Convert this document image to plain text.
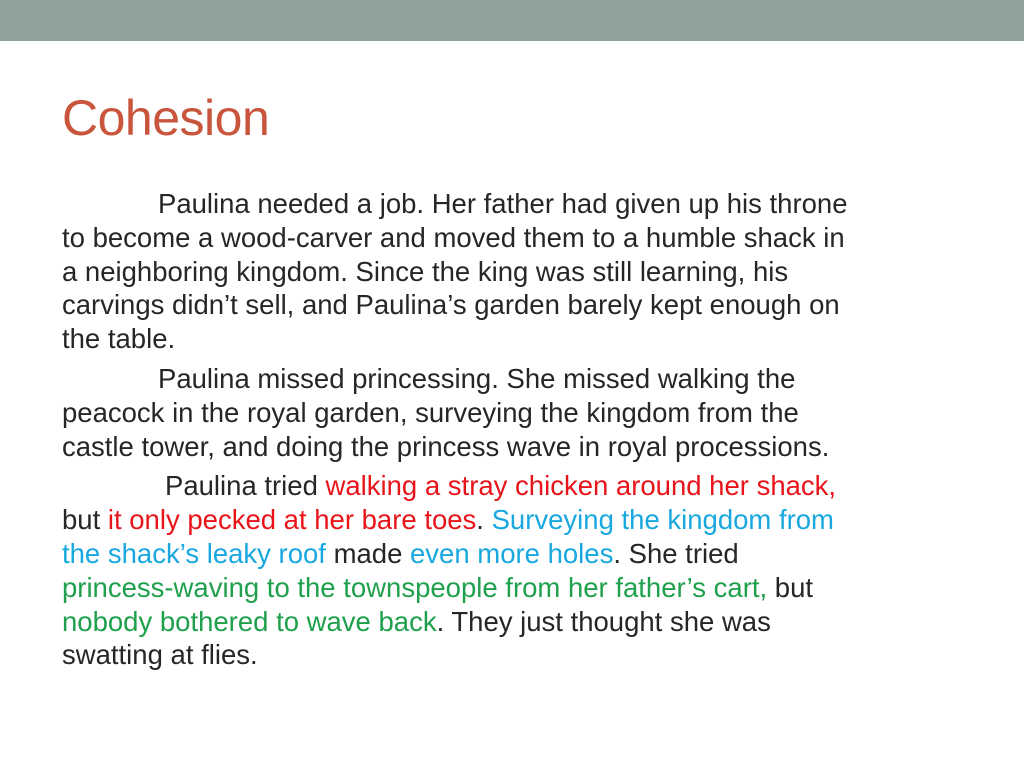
Cohesion
Paulina needed a job. Her father had given up his throne
to become a wood-carver and moved them to a humble shack in
a neighboring kingdom. Since the king was still learning, his
carvings didn’t sell, and Paulina’s garden barely kept enough on
the table.
Paulina missed princessing. She missed walking the
peacock in the royal garden, surveying the kingdom from the
castle tower, and doing the princess wave in royal processions.
Paulina tried walking a stray chicken around her shack,
but it only pecked at her bare toes. Surveying the kingdom from
the shack’s leaky roof made even more holes. She tried
princess-waving to the townspeople from her father’s cart, but
nobody bothered to wave back. They just thought she was
swatting at flies.
